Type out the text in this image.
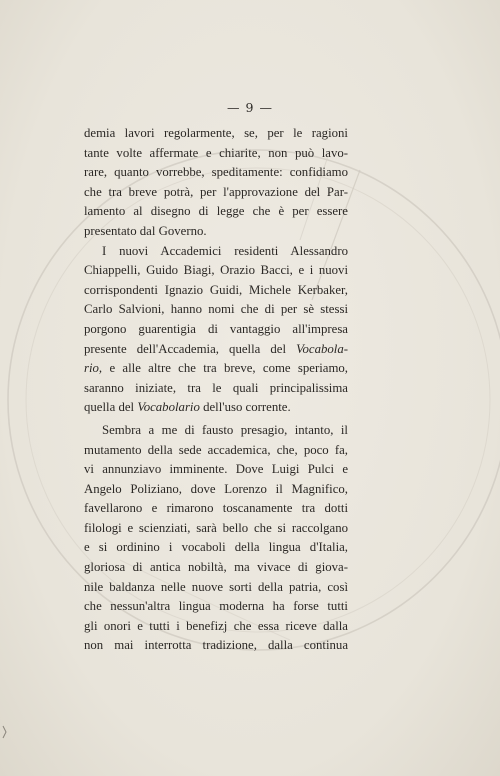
— 9 —
demia lavori regolarmente, se, per le ragioni
tante volte affermate e chiarite, non può lavo-
rare, quanto vorrebbe, speditamente: confidiamo
che tra breve potrà, per l'approvazione del Par-
lamento al disegno di legge che è per essere
presentato dal Governo.
I nuovi Accademici residenti Alessandro
Chiappelli, Guido Biagi, Orazio Bacci, e i nuovi
corrispondenti Ignazio Guidi, Michele Kerbaker,
Carlo Salvioni, hanno nomi che di per sè stessi
porgono guarentigia di vantaggio all'impresa
presente dell'Accademia, quella del Vocabola-
rio, e alle altre che tra breve, come speriamo,
saranno iniziate, tra le quali principalissima
quella del Vocabolario dell'uso corrente.
Sembra a me di fausto presagio, intanto, il
mutamento della sede accademica, che, poco fa,
vi annunziavo imminente. Dove Luigi Pulci e
Angelo Poliziano, dove Lorenzo il Magnifico,
favellarono e rimarono toscanamente tra dotti
filologi e scienziati, sarà bello che si raccolgano
e si ordinino i vocaboli della lingua d'Italia,
gloriosa di antica nobiltà, ma vivace di giova-
nile baldanza nelle nuove sorti della patria, così
che nessun'altra lingua moderna ha forse tutti
gli onori e tutti i benefizj che essa riceve dalla
non mai interrotta tradizione, dalla continua
